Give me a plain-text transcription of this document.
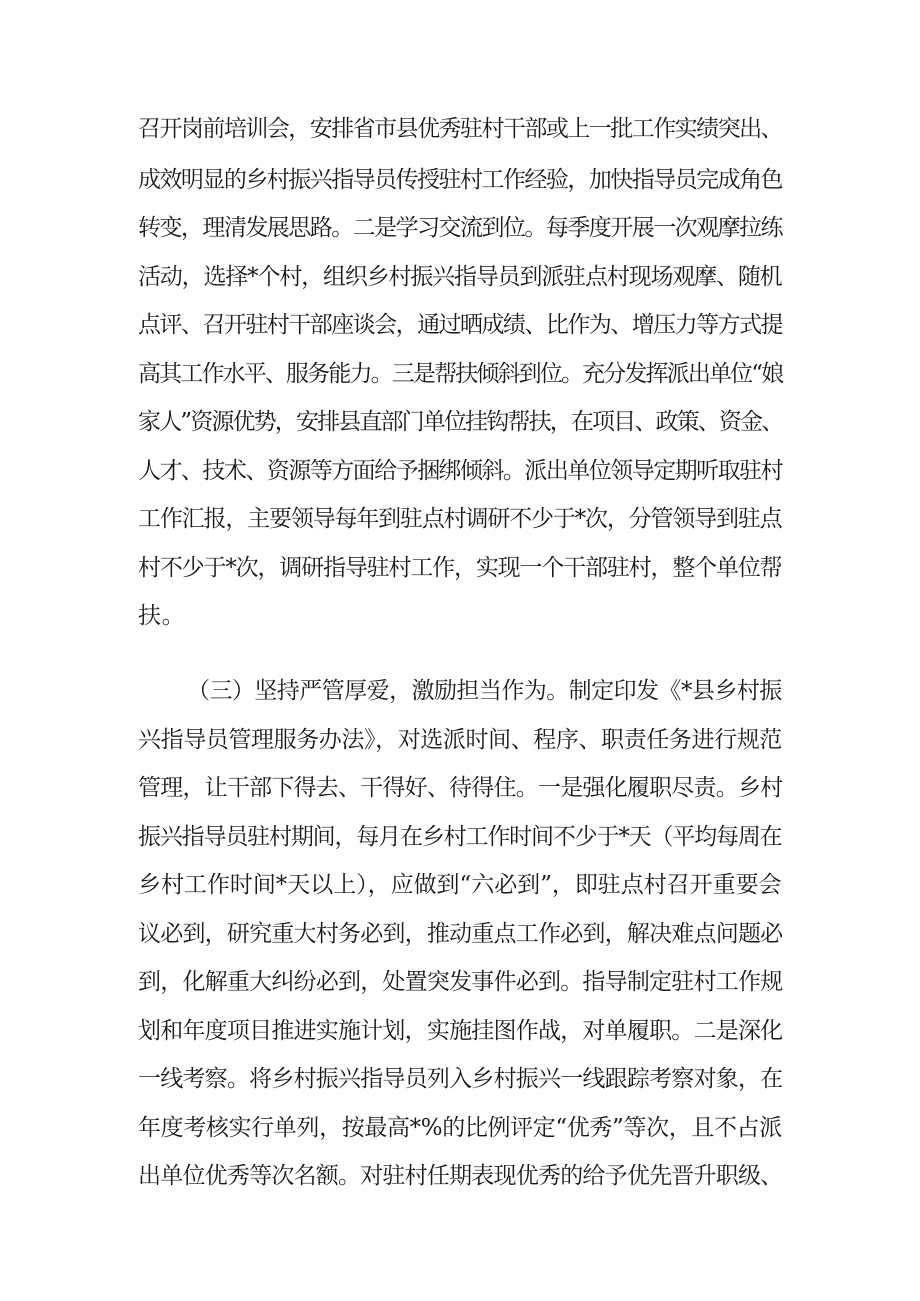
召开岗前培训会，安排省市县优秀驻村干部或上一批工作实绩突出、
成效明显的乡村振兴指导员传授驻村工作经验，加快指导员完成角色
转变，理清发展思路。二是学习交流到位。每季度开展一次观摩拉练
活动，选择*个村，组织乡村振兴指导员到派驻点村现场观摩、随机
点评、召开驻村干部座谈会，通过晒成绩、比作为、增压力等方式提
高其工作水平、服务能力。三是帮扶倾斜到位。充分发挥派出单位“娘
家人”资源优势，安排县直部门单位挂钩帮扶，在项目、政策、资金、
人才、技术、资源等方面给予捆绑倾斜。派出单位领导定期听取驻村
工作汇报，主要领导每年到驻点村调研不少于*次，分管领导到驻点
村不少于*次，调研指导驻村工作，实现一个干部驻村，整个单位帮
扶。
（三）坚持严管厚爱，激励担当作为。制定印发《*县乡村振
兴指导员管理服务办法》，对选派时间、程序、职责任务进行规范
管理，让干部下得去、干得好、待得住。一是强化履职尽责。乡村
振兴指导员驻村期间，每月在乡村工作时间不少于*天（平均每周在
乡村工作时间*天以上），应做到“六必到”，即驻点村召开重要会
议必到，研究重大村务必到，推动重点工作必到，解决难点问题必
到，化解重大纠纷必到，处置突发事件必到。指导制定驻村工作规
划和年度项目推进实施计划，实施挂图作战，对单履职。二是深化
一线考察。将乡村振兴指导员列入乡村振兴一线跟踪考察对象，在
年度考核实行单列，按最高*%的比例评定“优秀”等次，且不占派
出单位优秀等次名额。对驻村任期表现优秀的给予优先晋升职级、
